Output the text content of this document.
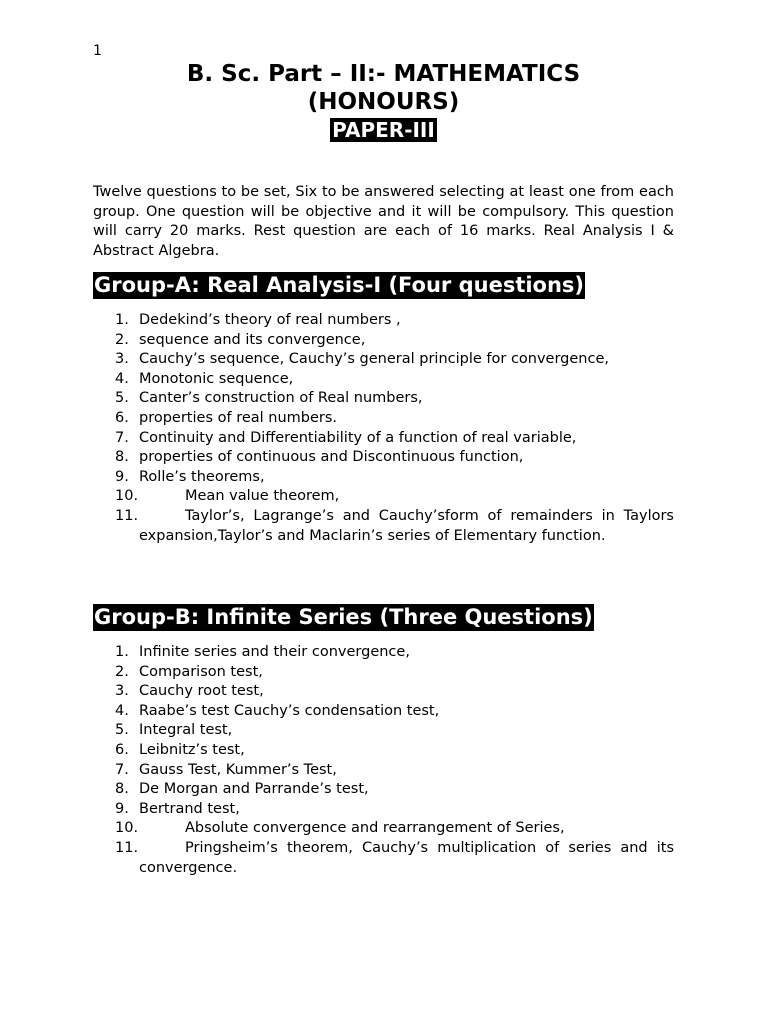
1
B. Sc. Part – II:- MATHEMATICS
(HONOURS)
PAPER-III

Twelve questions to be set, Six to be answered selecting at least one from each group. One question will be objective and it will be compulsory. This question will carry 20 marks. Rest question are each of 16 marks. Real Analysis I & Abstract Algebra.

Group-A: Real Analysis-I (Four questions)
1. Dedekind’s theory of real numbers ,
2. sequence and its convergence,
3. Cauchy’s sequence, Cauchy’s general principle for convergence,
4. Monotonic sequence,
5. Canter’s construction of Real numbers,
6. properties of real numbers.
7. Continuity and Differentiability of a function of real variable,
8. properties of continuous and Discontinuous function,
9. Rolle’s theorems,
10.	Mean value theorem,
11.	Taylor’s, Lagrange’s and Cauchy’sform of remainders in Taylors expansion,Taylor’s and Maclarin’s series of Elementary function.
Group-B: Infinite Series (Three Questions)
1. Infinite series and their convergence,
2. Comparison test,
3. Cauchy root test,
4. Raabe’s test Cauchy’s condensation test,
5. Integral test,
6. Leibnitz’s test,
7. Gauss Test, Kummer’s Test,
8. De Morgan and Parrande’s test,
9. Bertrand test,
10.	Absolute convergence and rearrangement of Series,
11.	Pringsheim’s theorem, Cauchy’s multiplication of series and its convergence.
